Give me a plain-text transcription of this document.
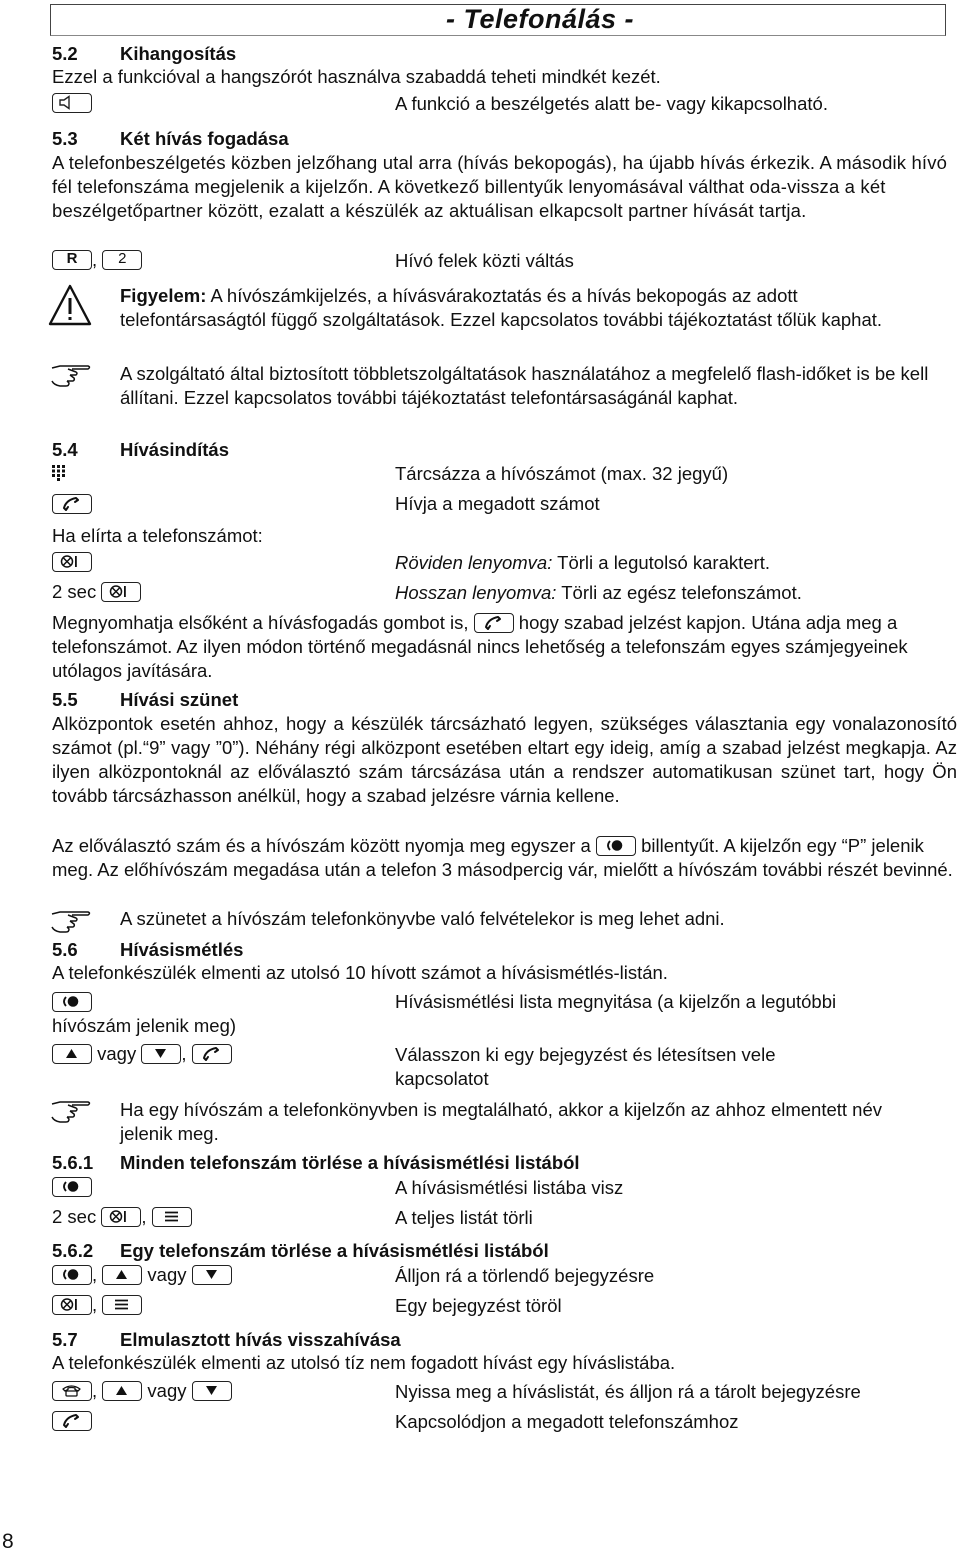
- Telefonálás -
5.2 Kihangosítás
Ezzel a funkcióval a hangszórót használva szabaddá teheti mindkét kezét.
A funkció a beszélgetés alatt be- vagy kikapcsolható.
5.3 Két hívás fogadása
A telefonbeszélgetés közben jelzőhang utal arra (hívás bekopogás), ha újabb hívás érkezik. A második hívó fél telefonszáma megjelenik a kijelzőn. A következő billentyűk lenyomásával válthat oda-vissza a két beszélgetőpartner között, ezalatt a készülék az aktuálisan elkapcsolt partner hívását tartja.
R ,	2	Hívó felek közti váltás
Figyelem: A hívószámkijelzés, a hívásvárakoztatás és a hívás bekopogás az adott telefontársaságtól függő szolgáltatások. Ezzel kapcsolatos további tájékoztatást tőlük kaphat.
A szolgáltató által biztosított többletszolgáltatások használatához a megfelelő flash-időket is be kell állítani. Ezzel kapcsolatos további tájékoztatást telefontársaságánál kaphat.
5.4 Hívásindítás
Tárcsázza a hívószámot (max. 32 jegyű)
Hívja a megadott számot
Ha elírta a telefonszámot:
Röviden lenyomva: Törli a legutolsó karaktert.
2 sec	Hosszan lenyomva: Törli az egész telefonszámot.
Megnyomhatja elsőként a hívásfogadás gombot is,
hogy szabad jelzést kapjon. Utána adja meg a telefonszámot. Az ilyen módon történő megadásnál nincs lehetőség a telefonszám egyes számjegyeinek utólagos javítására.
5.5 Hívási szünet
Alközpontok esetén ahhoz, hogy a készülék tárcsázható legyen, szükséges választania egy vonalazonosító számot (pl.“9” vagy ”0”). Néhány régi alközpont esetében eltart egy ideig, amíg a szabad jelzést megkapja. Az ilyen alközpontoknál az előválasztó szám tárcsázása után a rendszer automatikusan szünet tart, hogy Ön tovább tárcsázhasson anélkül, hogy a szabad jelzésre várnia kellene.
Az előválasztó szám és a hívószám között nyomja meg egyszer a
billentyűt. A kijelzőn egy “P” jelenik meg. Az előhívószám megadása után a telefon 3 másodpercig vár, mielőtt a hívószám további részét bevinné.
A szünetet a hívószám telefonkönyvbe való felvételekor is meg lehet adni.
5.6 Hívásismétlés
A telefonkészülék elmenti az utolsó 10 hívott számot a hívásismétlés-listán.
Hívásismétlési lista megnyitása (a kijelzőn a legutóbbi
hívószám jelenik meg)
vagy ,	Válasszon ki egy bejegyzést és létesítsen vele kapcsolatot
Ha egy hívószám a telefonkönyvben is megtalálható, akkor a kijelzőn az ahhoz elmentett név jelenik meg.
5.6.1 Minden telefonszám törlése a hívásismétlési listából
A hívásismétlési listába visz
2 sec ,	A teljes listát törli
5.6.2 Egy telefonszám törlése a hívásismétlési listából
,	vagy	Álljon rá a törlendő bejegyzésre
,	Egy bejegyzést töröl
5.7 Elmulasztott hívás visszahívása
A telefonkészülék elmenti az utolsó tíz nem fogadott hívást egy híváslistába.
,	vagy	Nyissa meg a híváslistát, és álljon rá a tárolt bejegyzésre
Kapcsolódjon a megadott telefonszámhoz
8
